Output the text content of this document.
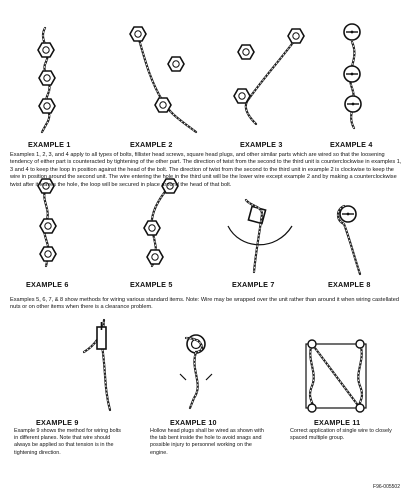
EXAMPLE 1	EXAMPLE 2	EXAMPLE 3	EXAMPLE 4
Examples 1, 2, 3, and 4 apply to all types of bolts, fillister head screws, square head plugs, and other similar parts which are wired so that the loosening tendency of either part is counteracted by tightening of the other part. The direction of twist from the second to the third unit is counterclockwise in examples 1, 3 and 4 to keep the loop in position against the head of the bolt. The direction of twist from the second to the third unit in example 2 is clockwise to keep the wire in position around the second unit. The wire entering the hole in the third unit will be the lower wire except example 2 and by making a counterclockwise twist after it leaves the hole, the loop will be secured in place around the head of that bolt.
EXAMPLE 6	EXAMPLE 5	EXAMPLE 7	EXAMPLE 8
Examples 5, 6, 7, & 8 show methods for wiring various standard items. Note: Wire may be wrapped over the unit rather than around it when wiring castellated nuts or on other items when there is a clearance problem.
EXAMPLE 9	EXAMPLE 10	EXAMPLE 11
Example 9 shows the method for wiring bolts in different planes. Note that wire should always be applied so that tension is in the tightening direction.
Hollow head plugs shall be wired as shown with the tab bent inside the hole to avoid snags and possible injury to personnel working on the engine.
Correct application of single wire to closely spaced multiple group.
F96-005502
